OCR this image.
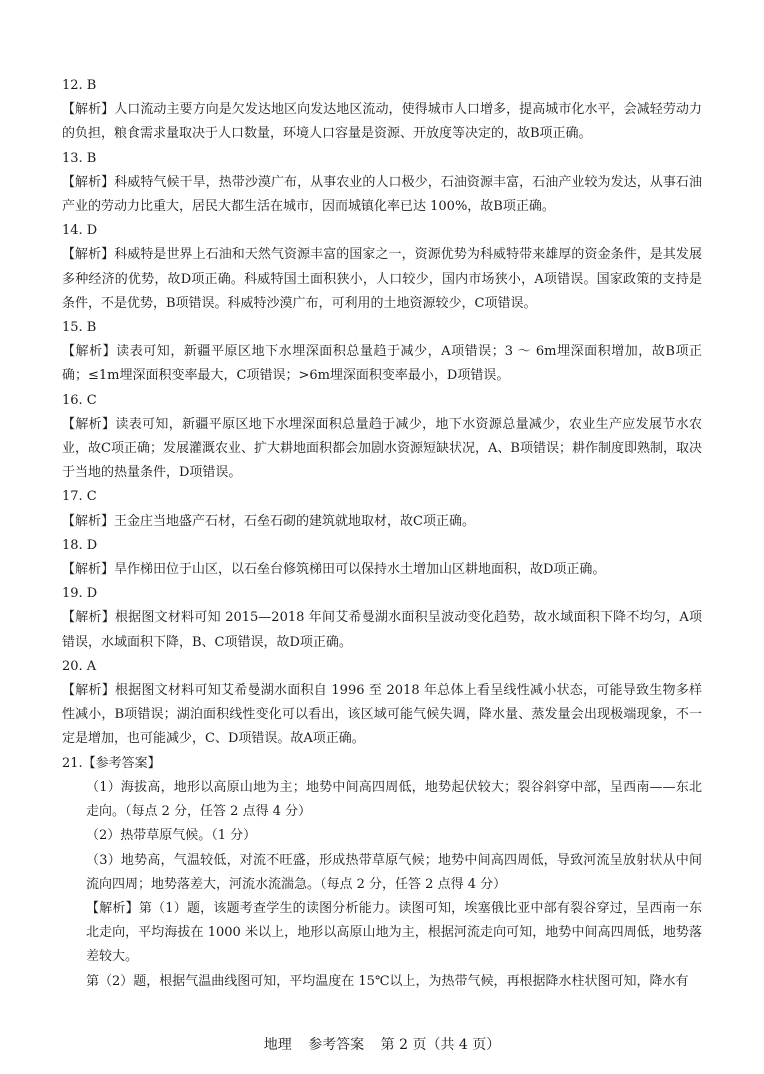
12. B

【解析】人口流动主要方向是欠发达地区向发达地区流动，使得城市人口增多，提高城市化水平，会减轻劳动力的负担，粮食需求量取决于人口数量，环境人口容量是资源、开放度等决定的，故B项正确。

13. B

【解析】科威特气候干旱，热带沙漠广布，从事农业的人口极少，石油资源丰富，石油产业较为发达，从事石油产业的劳动力比重大，居民大都生活在城市，因而城镇化率已达 100%，故B项正确。

14. D

【解析】科威特是世界上石油和天然气资源丰富的国家之一，资源优势为科威特带来雄厚的资金条件，是其发展多种经济的优势，故D项正确。科威特国土面积狭小，人口较少，国内市场狭小，A项错误。国家政策的支持是条件，不是优势，B项错误。科威特沙漠广布，可利用的土地资源较少，C项错误。

15. B

【解析】读表可知，新疆平原区地下水埋深面积总量趋于减少，A项错误；3 ～ 6m埋深面积增加，故B项正确；≤1m埋深面积变率最大，C项错误；>6m埋深面积变率最小，D项错误。

16. C

【解析】读表可知，新疆平原区地下水埋深面积总量趋于减少，地下水资源总量减少，农业生产应发展节水农业，故C项正确；发展灌溉农业、扩大耕地面积都会加剧水资源短缺状况，A、B项错误；耕作制度即熟制，取决于当地的热量条件，D项错误。

17. C

【解析】王金庄当地盛产石材，石垒石砌的建筑就地取材，故C项正确。

18. D

【解析】旱作梯田位于山区，以石垒台修筑梯田可以保持水土增加山区耕地面积，故D项正确。

19. D

【解析】根据图文材料可知 2015—2018 年间艾希曼湖水面积呈波动变化趋势，故水域面积下降不均匀，A项错误，水域面积下降，B、C项错误，故D项正确。

20. A

【解析】根据图文材料可知艾希曼湖水面积自 1996 至 2018 年总体上看呈线性减小状态，可能导致生物多样性减小，B项错误；湖泊面积线性变化可以看出，该区域可能气候失调，降水量、蒸发量会出现极端现象，不一定是增加，也可能减少，C、D项错误。故A项正确。

21.【参考答案】

（1）海拔高，地形以高原山地为主；地势中间高四周低，地势起伏较大；裂谷斜穿中部，呈西南——东北走向。（每点 2 分，任答 2 点得 4 分）

（2）热带草原气候。（1 分）

（3）地势高，气温较低，对流不旺盛，形成热带草原气候；地势中间高四周低，导致河流呈放射状从中间流向四周；地势落差大，河流水流湍急。（每点 2 分，任答 2 点得 4 分）

【解析】第（1）题，该题考查学生的读图分析能力。读图可知，埃塞俄比亚中部有裂谷穿过，呈西南一东北走向，平均海拔在 1000 米以上，地形以高原山地为主，根据河流走向可知，地势中间高四周低，地势落差较大。

第（2）题，根据气温曲线图可知，平均温度在 15℃以上，为热带气候，再根据降水柱状图可知，降水有

地理 参考答案 第 2 页（共 4 页）
